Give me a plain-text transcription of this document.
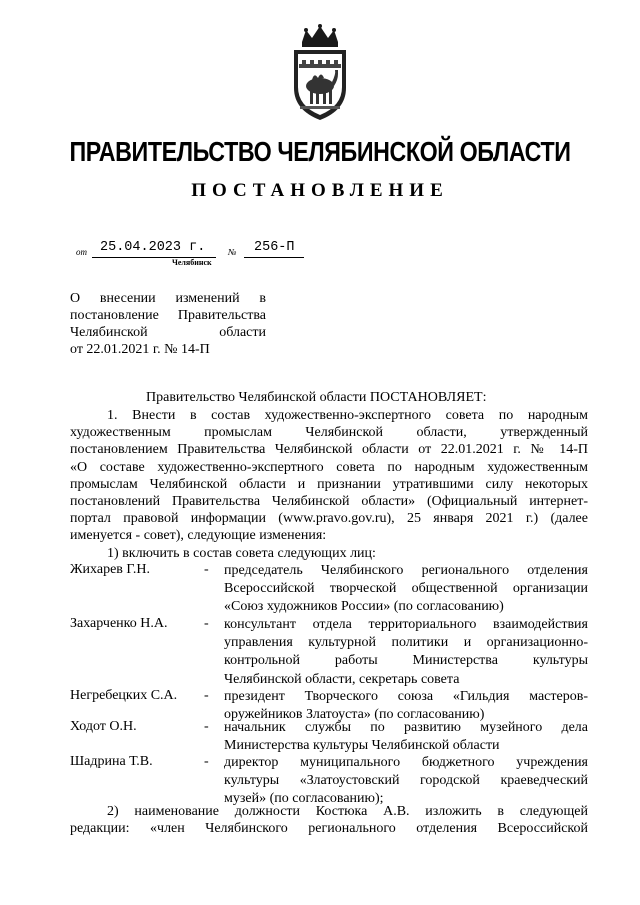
ПРАВИТЕЛЬСТВО ЧЕЛЯБИНСКОЙ ОБЛАСТИ
ПОСТАНОВЛЕНИЕ
от 25.04.2023 г.	№ 256-П
Челябинск
О внесении изменений в
постановление Правительства
Челябинской области
от 22.01.2021 г. № 14-П
Правительство Челябинской области ПОСТАНОВЛЯЕТ:
1. Внести в состав художественно-экспертного совета по народным
художественным промыслам Челябинской области, утвержденный
постановлением Правительства Челябинской области от 22.01.2021 г. № 14-П
«О составе художественно-экспертного совета по народным художественным
промыслам Челябинской области и признании утратившими силу некоторых
постановлений Правительства Челябинской области» (Официальный интернет-
портал правовой информации (www.pravo.gov.ru), 25 января 2021 г.) (далее
именуется - совет), следующие изменения:
1) включить в состав совета следующих лиц:
Жихарев Г.Н.	- председатель Челябинского регионального отделения
Всероссийской творческой общественной организации
«Союз художников России» (по согласованию)
Захарченко Н.А.	- консультант отдела территориального взаимодействия
управления культурной политики и организационно-
контрольной работы Министерства культуры
Челябинской области, секретарь совета
Негребецких С.А. - президент Творческого союза «Гильдия мастеров-
оружейников Златоуста» (по согласованию)
Ходот О.Н.	- начальник службы по развитию музейного дела
Министерства культуры Челябинской области
Шадрина Т.В.	- директор муниципального бюджетного учреждения
культуры «Златоустовский городской краеведческий
музей» (по согласованию);
2) наименование должности Костюка А.В. изложить в следующей
редакции: «член Челябинского регионального отделения Всероссийской
